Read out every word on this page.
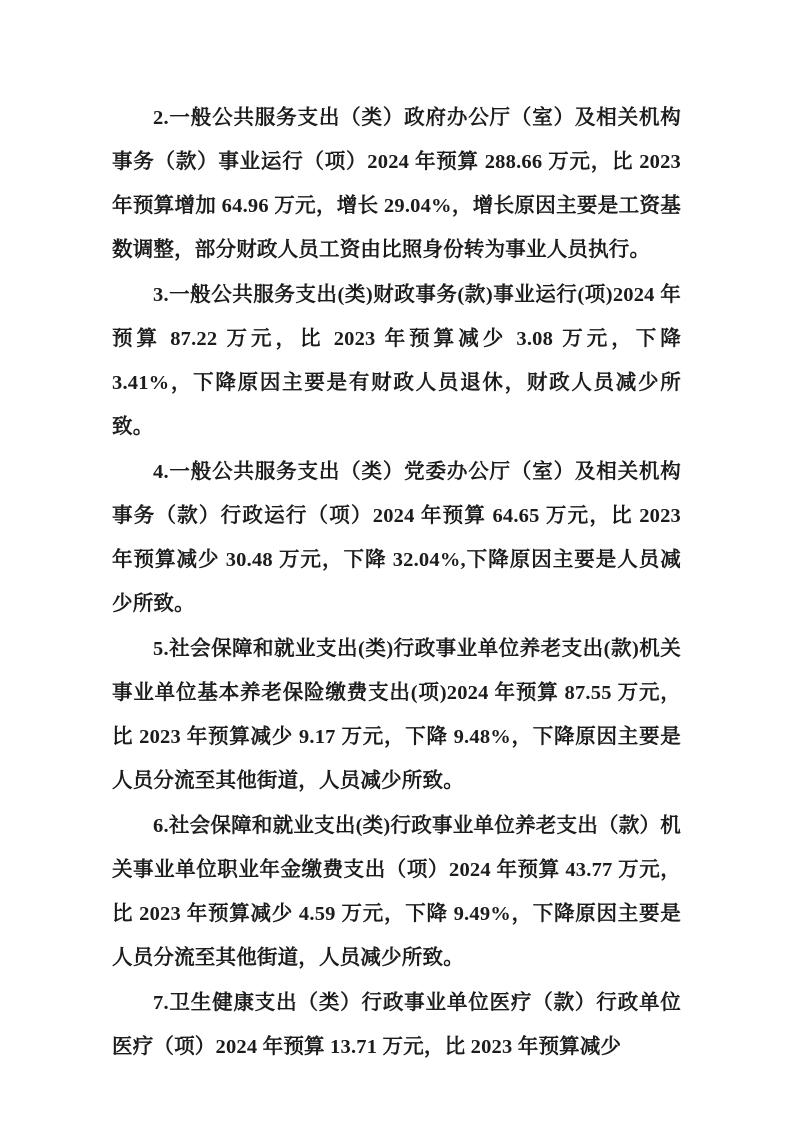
2.一般公共服务支出（类）政府办公厅（室）及相关机构事务（款）事业运行（项）2024 年预算 288.66 万元，比 2023 年预算增加 64.96 万元，增长 29.04%，增长原因主要是工资基数调整，部分财政人员工资由比照身份转为事业人员执行。

3.一般公共服务支出(类)财政事务(款)事业运行(项)2024 年预算 87.22 万元，比 2023 年预算减少 3.08 万元，下降 3.41%，下降原因主要是有财政人员退休，财政人员减少所致。

4.一般公共服务支出（类）党委办公厅（室）及相关机构事务（款）行政运行（项）2024 年预算 64.65 万元，比 2023 年预算减少 30.48 万元，下降 32.04%,下降原因主要是人员减少所致。

5.社会保障和就业支出(类)行政事业单位养老支出(款)机关事业单位基本养老保险缴费支出(项)2024 年预算 87.55 万元，比 2023 年预算减少 9.17 万元，下降 9.48%，下降原因主要是人员分流至其他街道，人员减少所致。

6.社会保障和就业支出(类)行政事业单位养老支出（款）机关事业单位职业年金缴费支出（项）2024 年预算 43.77 万元，比 2023 年预算减少 4.59 万元，下降 9.49%，下降原因主要是人员分流至其他街道，人员减少所致。

7.卫生健康支出（类）行政事业单位医疗（款）行政单位医疗（项）2024 年预算 13.71 万元，比 2023 年预算减少
